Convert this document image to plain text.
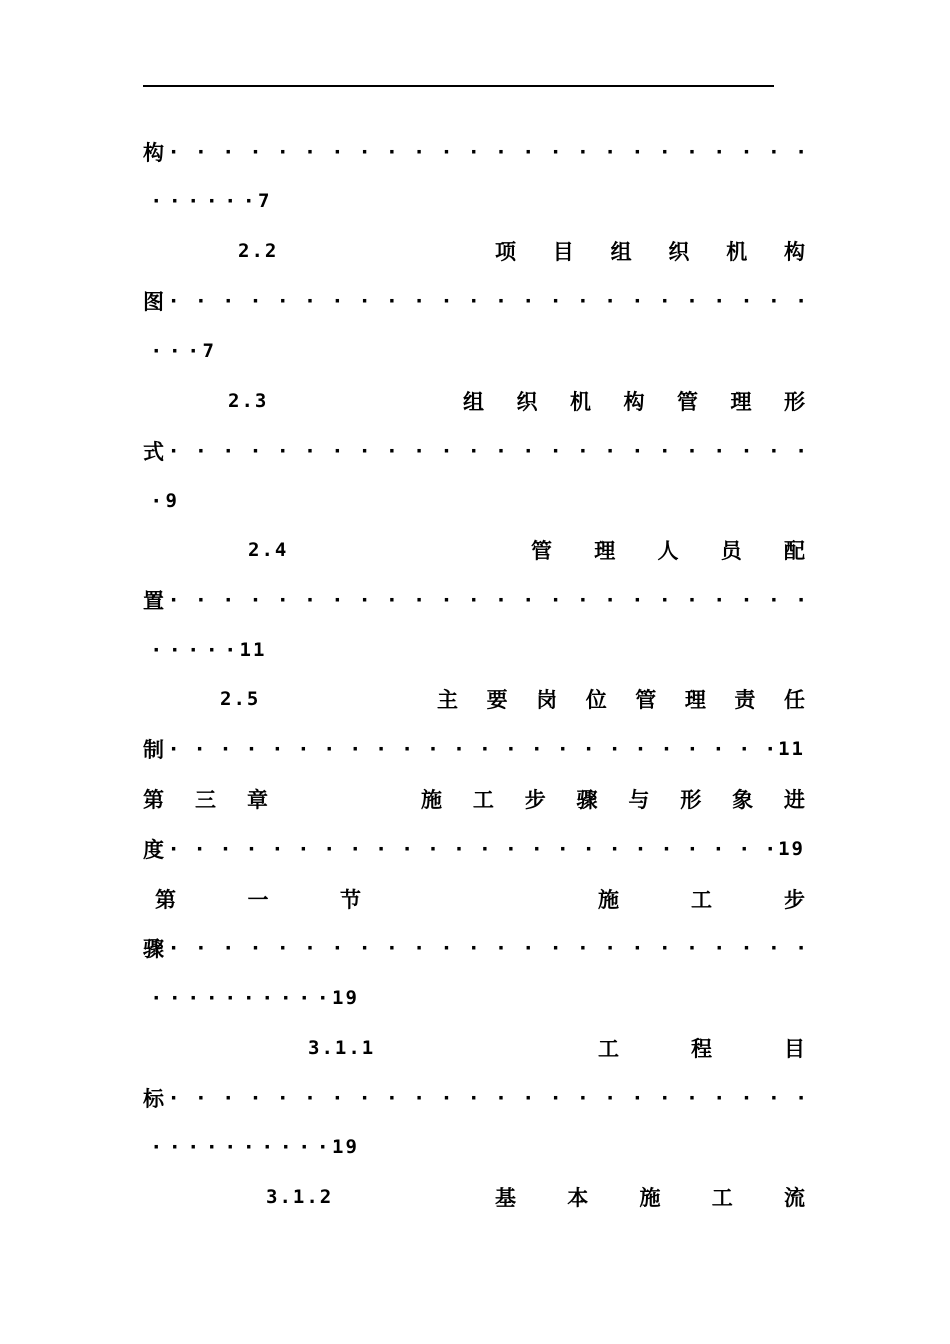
构 · · · · · · · · · · · · · · · · · · · · · · · ·
· · · · · · 7
2.2	项 目 组 织 机 构
图 · · · · · · · · · · · · · · · · · · · · · · · ·
· · · 7
2.3	组 织 机 构 管 理 形
式 · · · · · · · · · · · · · · · · · · · · · · · ·
· 9
2.4	管 理 人 员 配
置 · · · · · · · · · · · · · · · · · · · · · · · ·
· · · · · 11
2.5	主 要 岗 位 管 理 责 任
制 · · · · · · · · · · · · · · · · · · · · · · · · 11
第 三 章	施 工 步 骤 与 形 象 进
度 · · · · · · · · · · · · · · · · · · · · · · · · 19
第	一	节	施	工	步
骤 · · · · · · · · · · · · · · · · · · · · · · · ·
· · · · · · · · · · 19
3.1.1	工	程	目
标 · · · · · · · · · · · · · · · · · · · · · · · ·
· · · · · · · · · · 19
3.1.2	基 本 施 工 流
